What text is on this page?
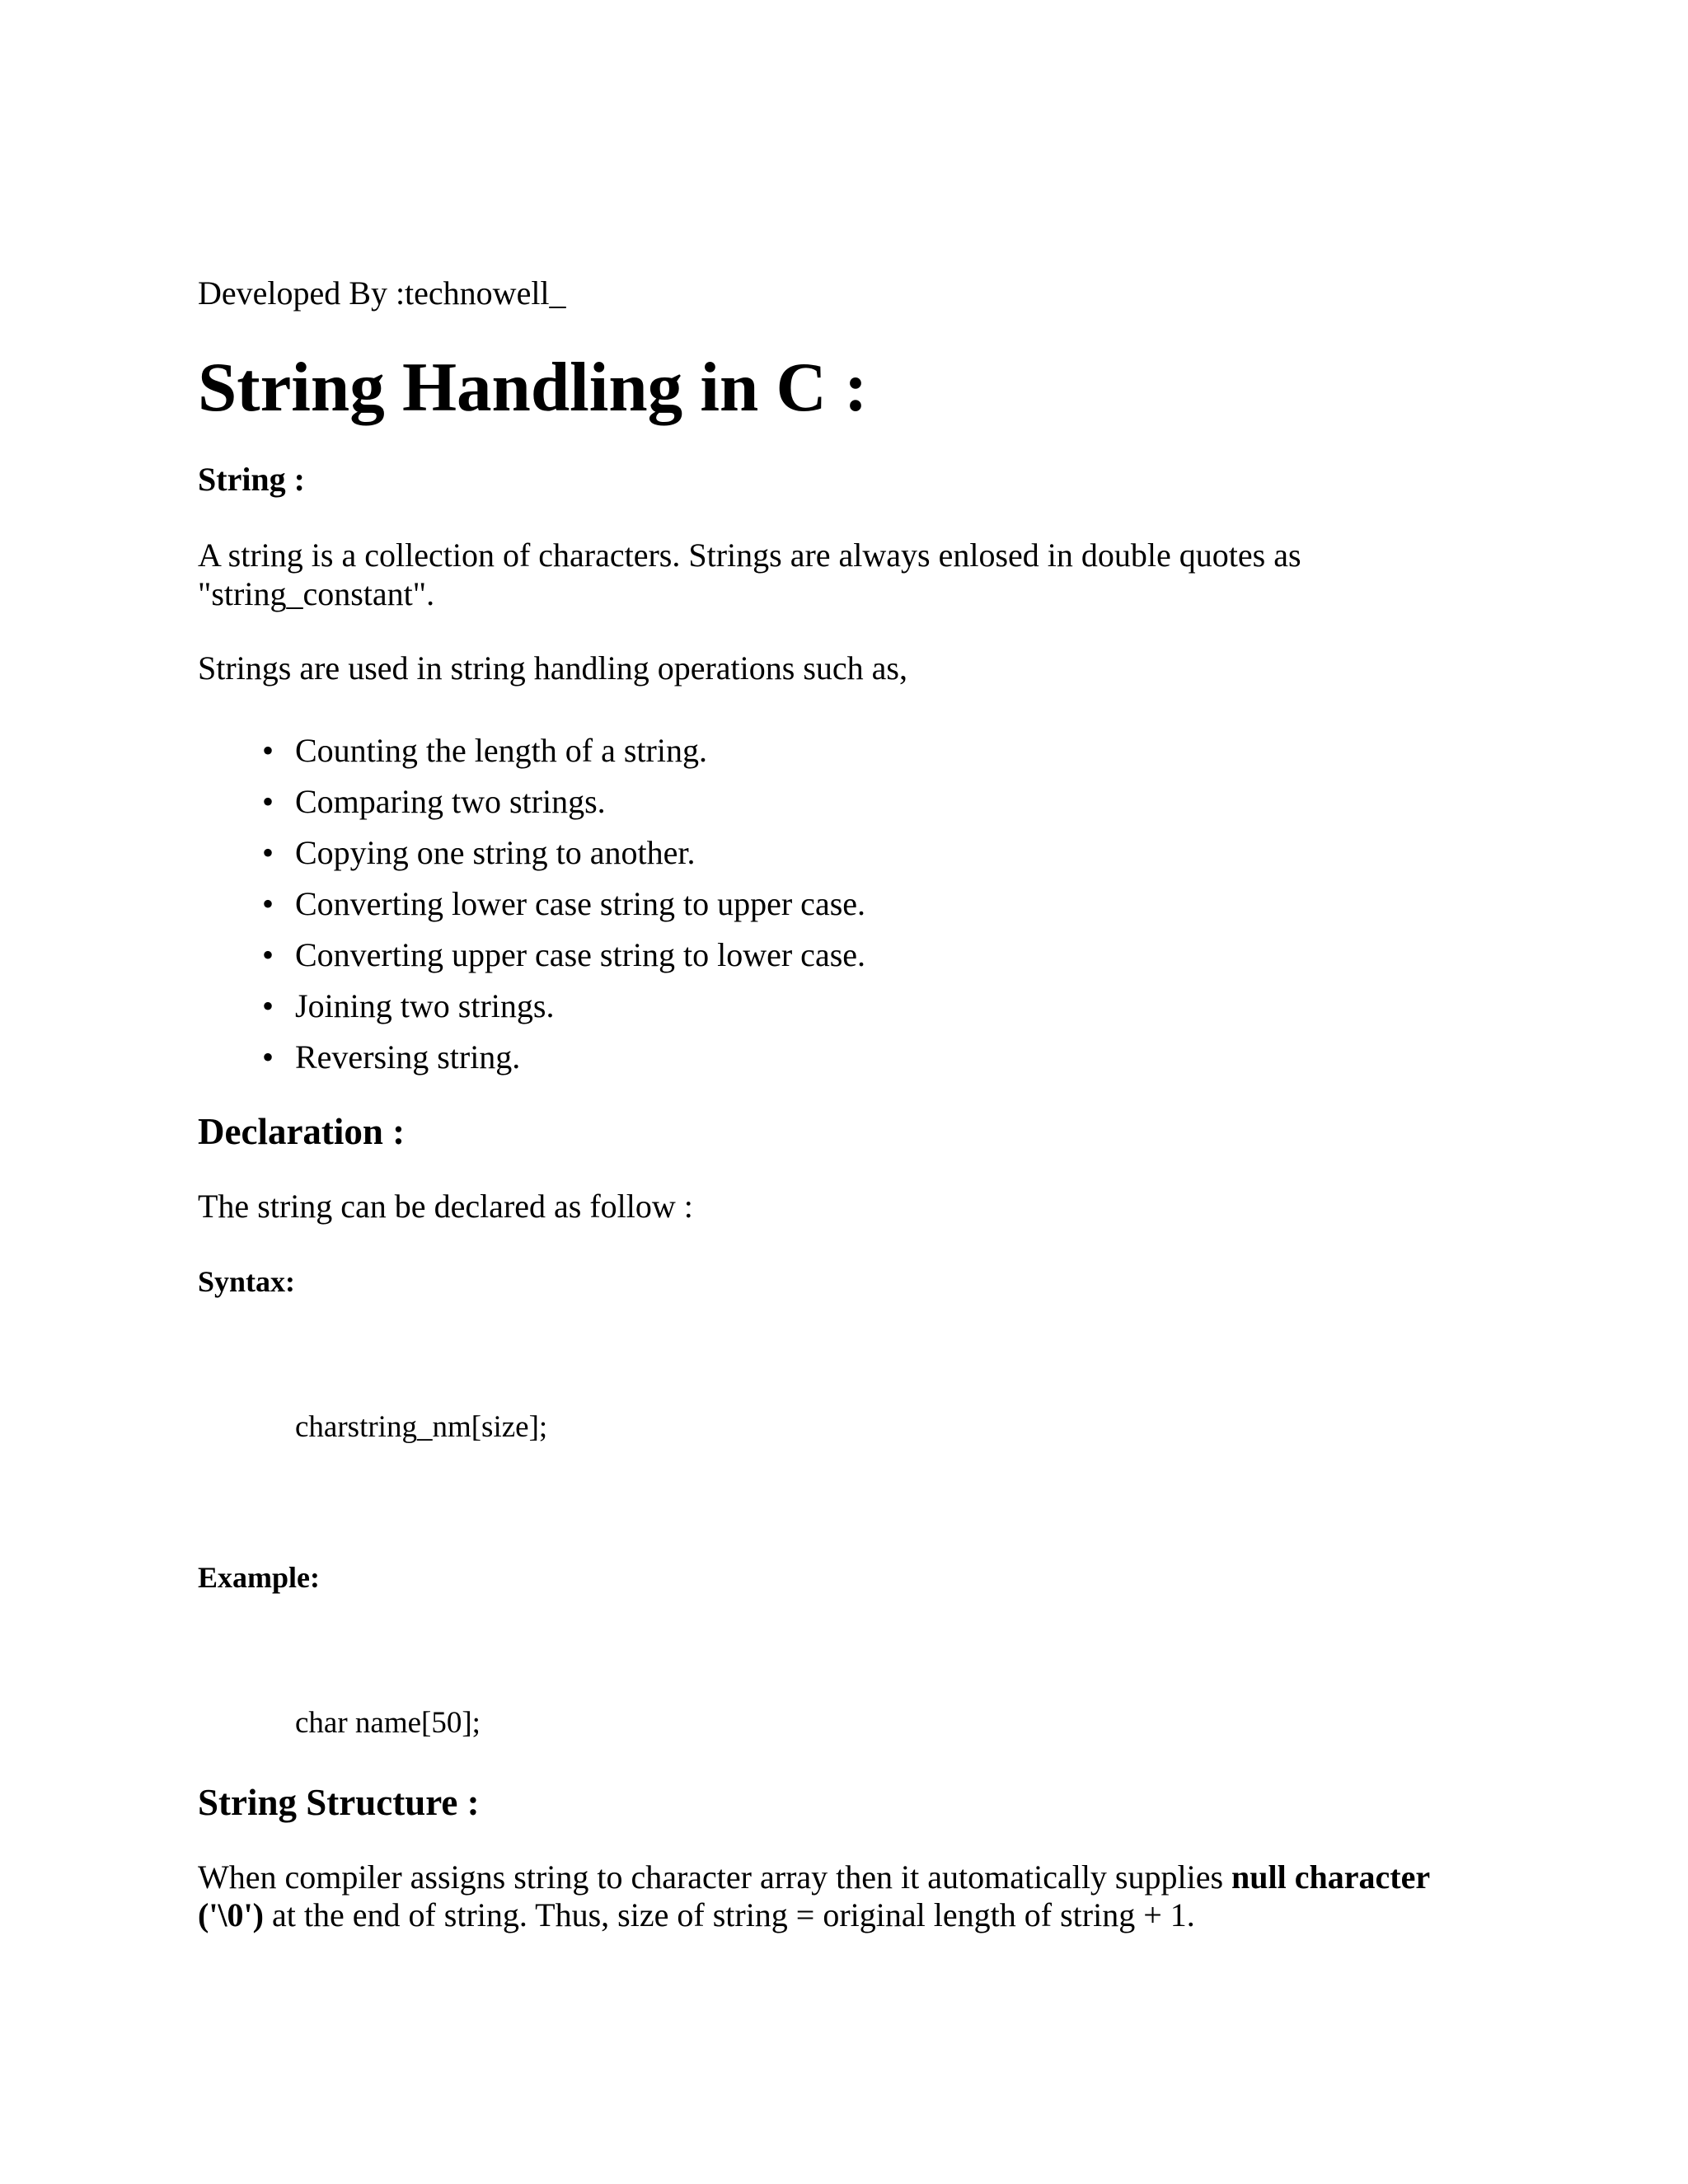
Developed By :technowell_

String Handling in C :
String :

A string is a collection of characters. Strings are always enlosed in double quotes as

"string_constant".

Strings are used in string handling operations such as,

• Counting the length of a string.
• Comparing two strings.
• Copying one string to another.
• Converting lower case string to upper case.
• Converting upper case string to lower case.
• Joining two strings.
• Reversing string.
Declaration :

The string can be declared as follow :

Syntax:

charstring_nm[size];

Example:

char name[50];

String Structure :

When compiler assigns string to character array then it automatically supplies null character

('\0') at the end of string. Thus, size of string = original length of string + 1.
